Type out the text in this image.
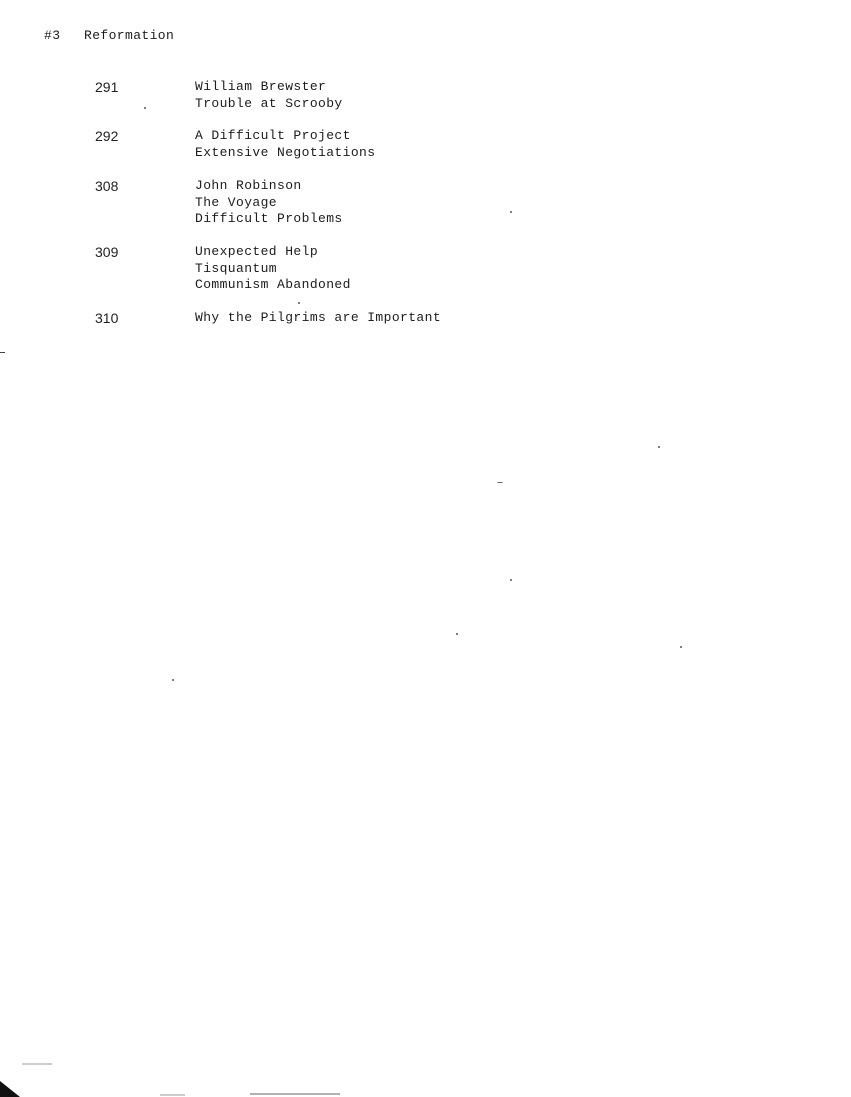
#3 Reformation
291	William Brewster
Trouble at Scrooby
292	A Difficult Project
Extensive Negotiations
308	John Robinson
The Voyage
Difficult Problems
309	Unexpected Help
Tisquantum
Communism Abandoned
310	Why the Pilgrims are Important
